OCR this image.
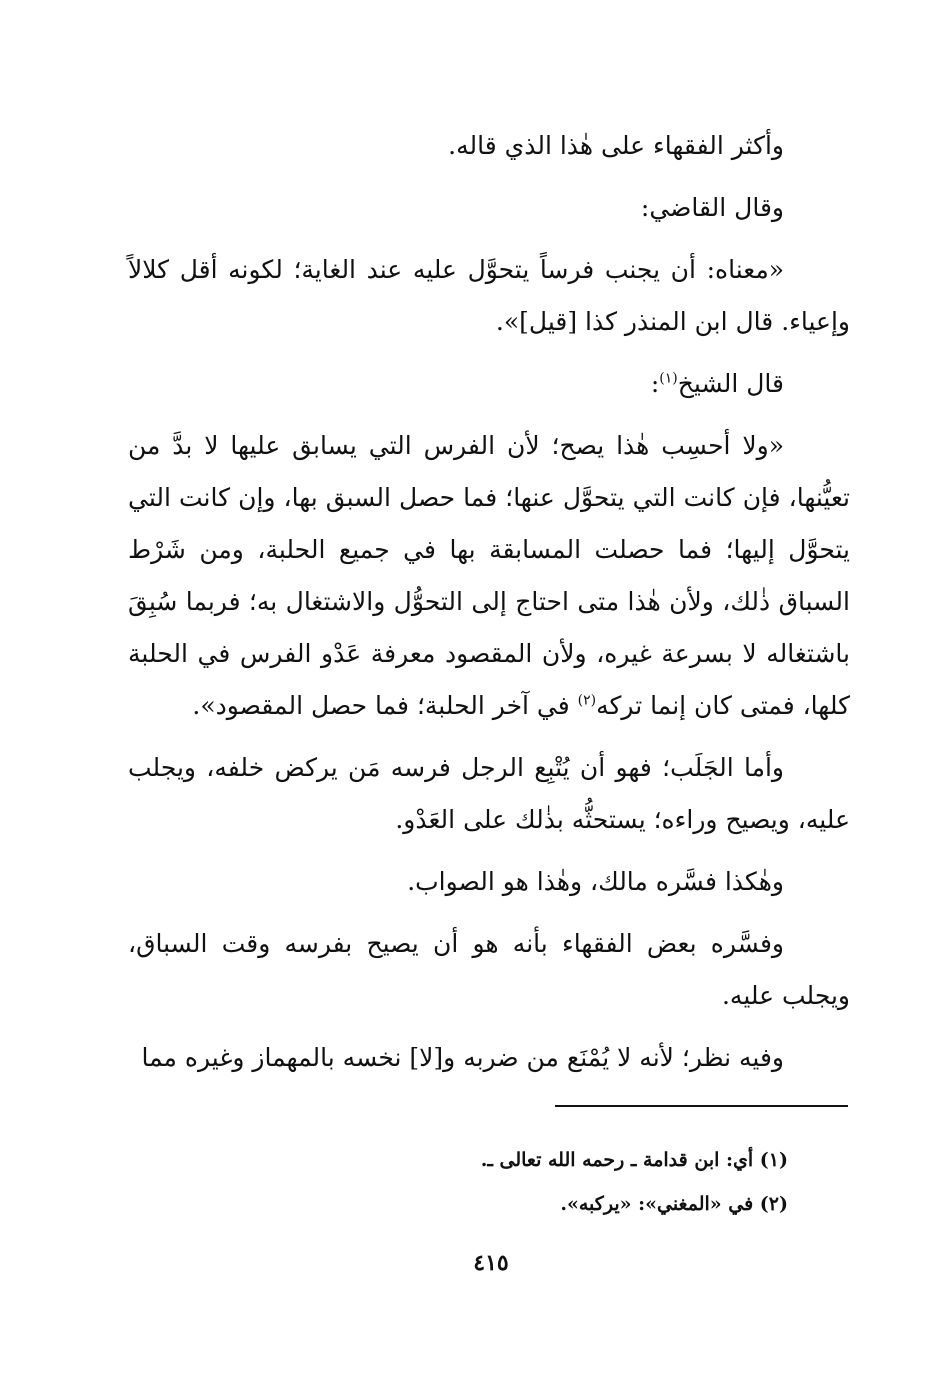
وأكثر الفقهاء على هٰذا الذي قاله.

وقال القاضي:

«معناه: أن يجنب فرساً يتحوَّل عليه عند الغاية؛ لكونه أقل كلالاً وإعياء. قال ابن المنذر كذا [قيل]».

قال الشيخ$^{(١)}$:

«ولا أحسِب هٰذا يصح؛ لأن الفرس التي يسابق عليها لا بدَّ من تعيُّنها، فإن كانت التي يتحوَّل عنها؛ فما حصل السبق بها، وإن كانت التي يتحوَّل إليها؛ فما حصلت المسابقة بها في جميع الحلبة، ومن شَرْط السباق ذٰلك، ولأن هٰذا متى احتاج إلى التحوُّل والاشتغال به؛ فربما سُبِقَ باشتغاله لا بسرعة غيره، ولأن المقصود معرفة عَدْو الفرس في الحلبة كلها، فمتى كان إنما تركه$^{(٢)}$ في آخر الحلبة؛ فما حصل المقصود».

وأما الجَلَب؛ فهو أن يُتْبِع الرجل فرسه مَن يركض خلفه، ويجلب عليه، ويصيح وراءه؛ يستحثُّه بذٰلك على العَدْو.

وهٰكذا فسَّره مالك، وهٰذا هو الصواب.

وفسَّره بعض الفقهاء بأنه هو أن يصيح بفرسه وقت السباق، ويجلب عليه.

وفيه نظر؛ لأنه لا يُمْنَع من ضربه و[لا] نخسه بالمهماز وغيره مما

(١) أي: ابن قدامة ـ رحمه الله تعالى ـ.

(٢) في «المغني»: «يركبه».

٤١٥
